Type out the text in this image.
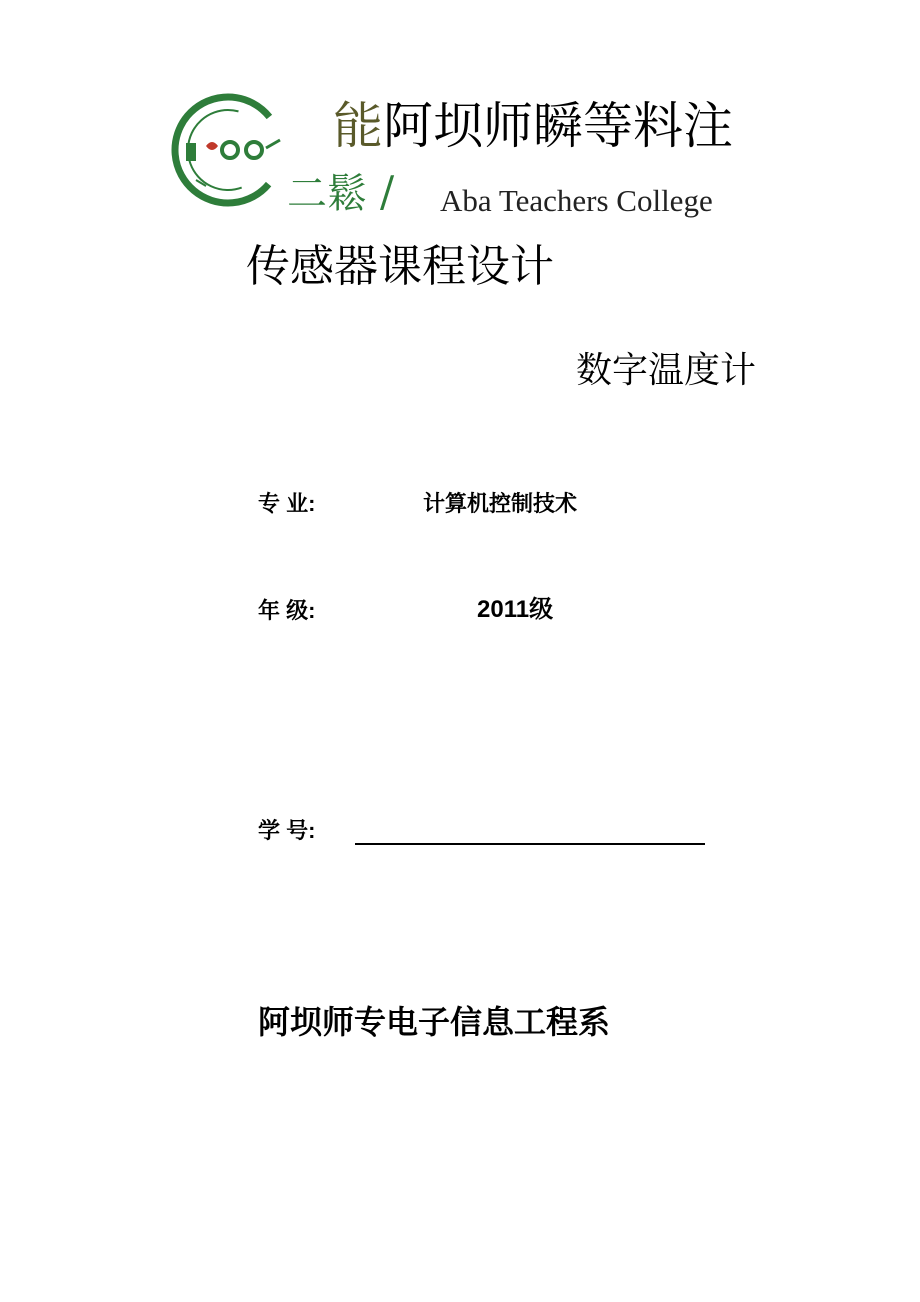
能阿坝师瞬等料注
二鬆 / Aba Teachers College
传感器课程设计
数字温度计
专 业:	计算机控制技术
年 级:	2011级
学 号:
阿坝师专电子信息工程系
